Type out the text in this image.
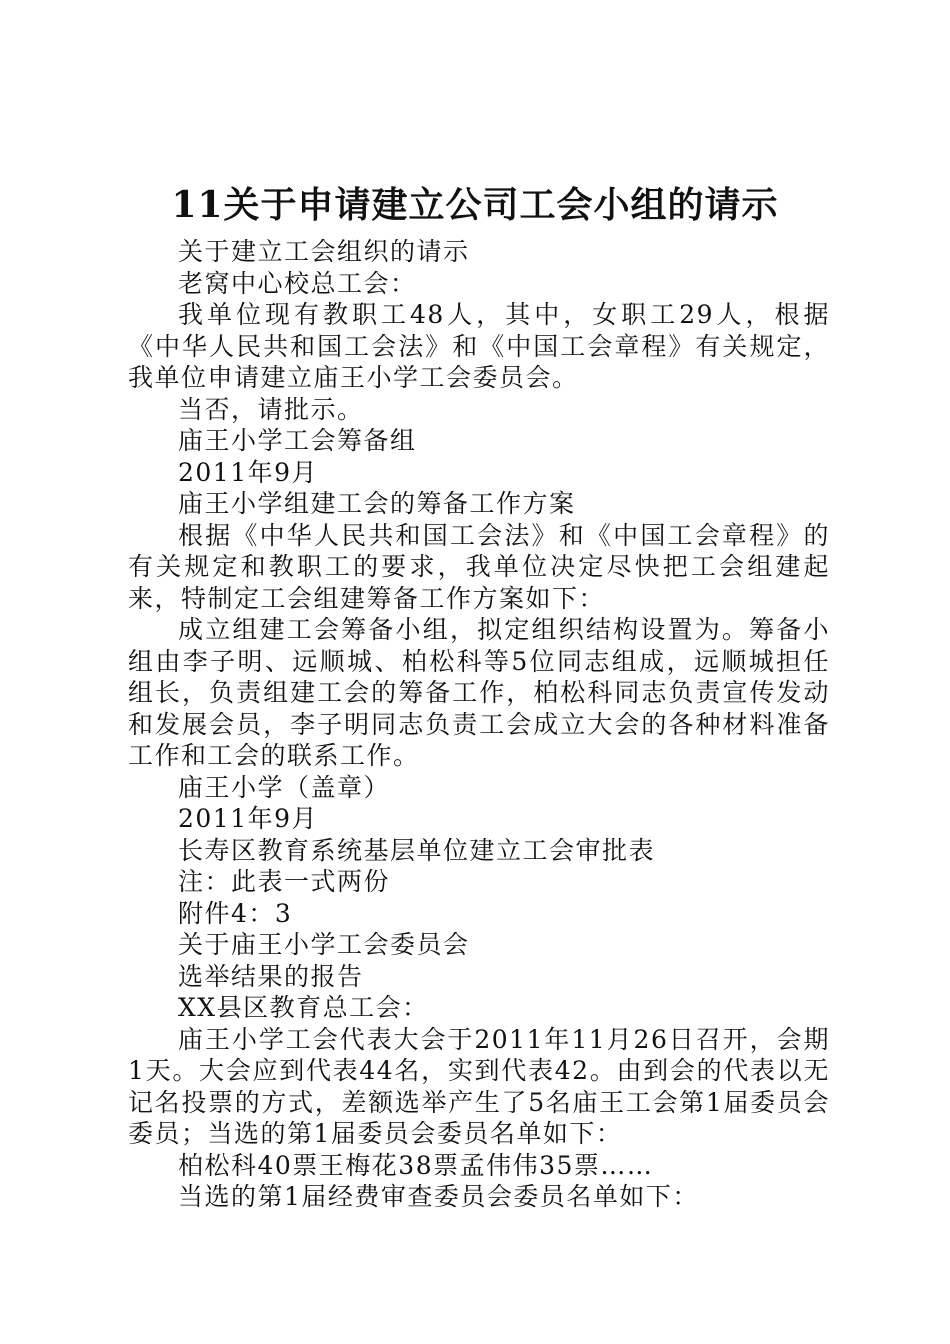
11关于申请建立公司工会小组的请示

关于建立工会组织的请示

老窝中心校总工会：

我单位现有教职工48人，其中，女职工29人，根据《中华人民共和国工会法》和《中国工会章程》有关规定，我单位申请建立庙王小学工会委员会。

当否，请批示。

庙王小学工会筹备组

2011年9月

庙王小学组建工会的筹备工作方案

根据《中华人民共和国工会法》和《中国工会章程》的有关规定和教职工的要求，我单位决定尽快把工会组建起来，特制定工会组建筹备工作方案如下：

成立组建工会筹备小组，拟定组织结构设置为。筹备小组由李子明、远顺城、柏松科等5位同志组成，远顺城担任组长，负责组建工会的筹备工作，柏松科同志负责宣传发动和发展会员，李子明同志负责工会成立大会的各种材料准备工作和工会的联系工作。

庙王小学（盖章）

2011年9月

长寿区教育系统基层单位建立工会审批表

注：此表一式两份

附件4：3

关于庙王小学工会委员会

选举结果的报告

XX县区教育总工会：

庙王小学工会代表大会于2011年11月26日召开，会期1天。大会应到代表44名，实到代表42。由到会的代表以无记名投票的方式，差额选举产生了5名庙王工会第1届委员会委员；当选的第1届委员会委员名单如下：

柏松科40票王梅花38票孟伟伟35票……

当选的第1届经费审查委员会委员名单如下：
